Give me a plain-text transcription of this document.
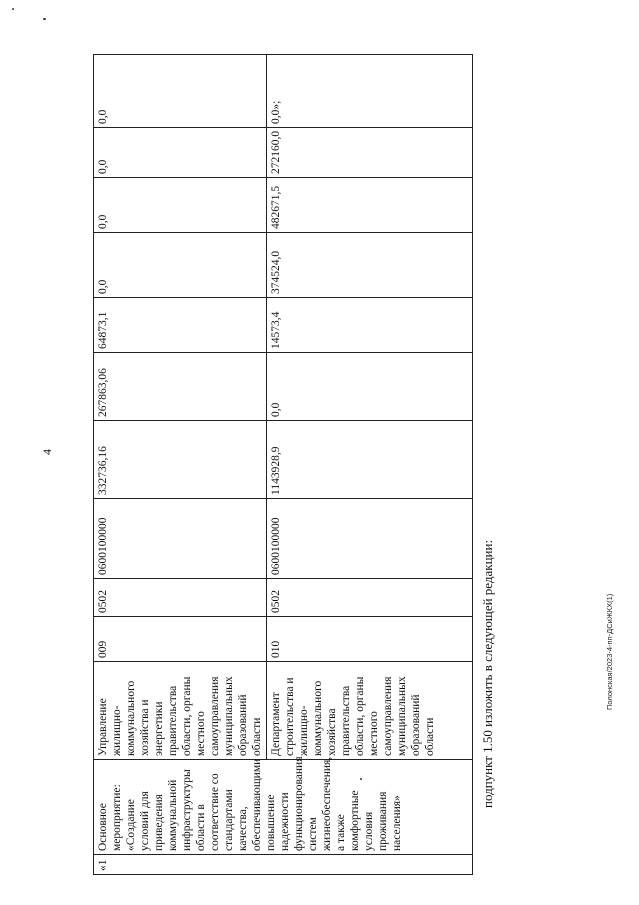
4
«1	Основное мероприятие: «Создание условий для приведения коммунальной инфраструктуры области в соответствие со стандартами качества, обеспечивающими повышение надежности функционирования систем жизнеобеспечения, а также комфортные условия проживания населения»	Управление жилищно-коммунального хозяйства и энергетики правительства области, органы местного самоуправления муниципальных образований области	009	0502	0600100000	332736,16	267863,06	64873,1	0,0	0,0	0,0	0,0
		Департамент строительства и жилищно-коммунального хозяйства правительства области, органы местного самоуправления муниципальных образований области	010	0502	0600100000	1143928,9	0,0	14573,4	374524,0	482671,5	272160,0	0,0»;
подпункт 1.50 изложить в следующей редакции:	Полонская/2023-4-пп-ДСиЖКХ(1)
